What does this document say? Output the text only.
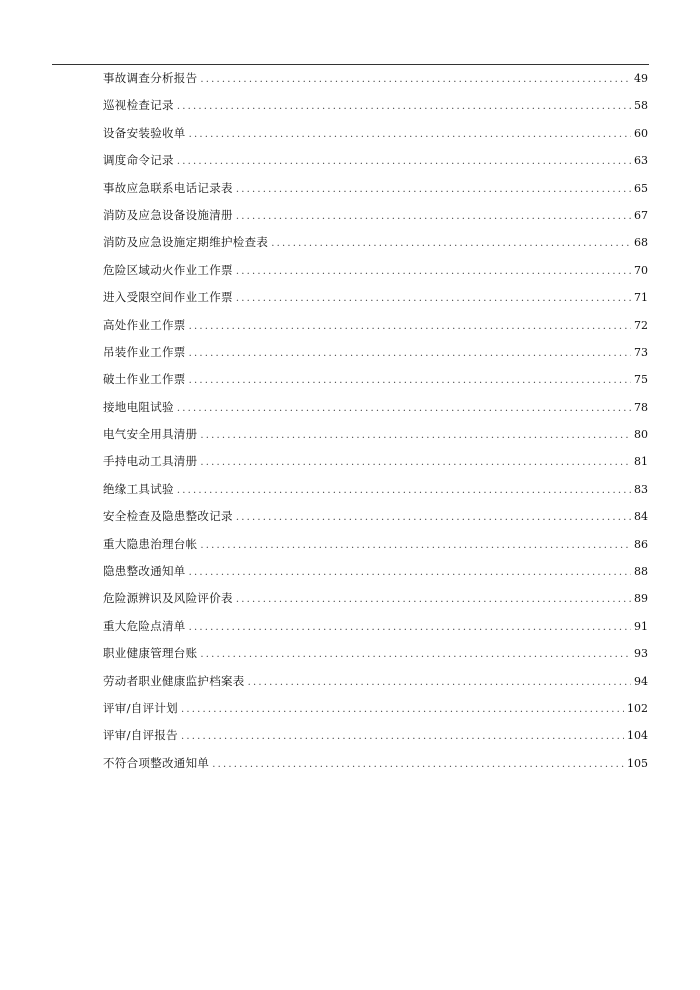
事故调查分析报告 .....	49
巡视检查记录 .....	58
设备安装验收单 .....	60
调度命令记录 .....	63
事故应急联系电话记录表 .....	65
消防及应急设备设施清册 .....	67
消防及应急设施定期维护检查表 .....	68
危险区域动火作业工作票 .....	70
进入受限空间作业工作票 .....	71
高处作业工作票 .....	72
吊装作业工作票 .....	73
破土作业工作票 .....	75
接地电阻试验 .....	78
电气安全用具清册 .....	80
手持电动工具清册 .....	81
绝缘工具试验 .....	83
安全检查及隐患整改记录 .....	84
重大隐患治理台帐 .....	86
隐患整改通知单 .....	88
危险源辨识及风险评价表 .....	89
重大危险点清单 .....	91
职业健康管理台账 .....	93
劳动者职业健康监护档案表 .....	94
评审/自评计划 .....	102
评审/自评报告 .....	104
不符合项整改通知单 .....	105
